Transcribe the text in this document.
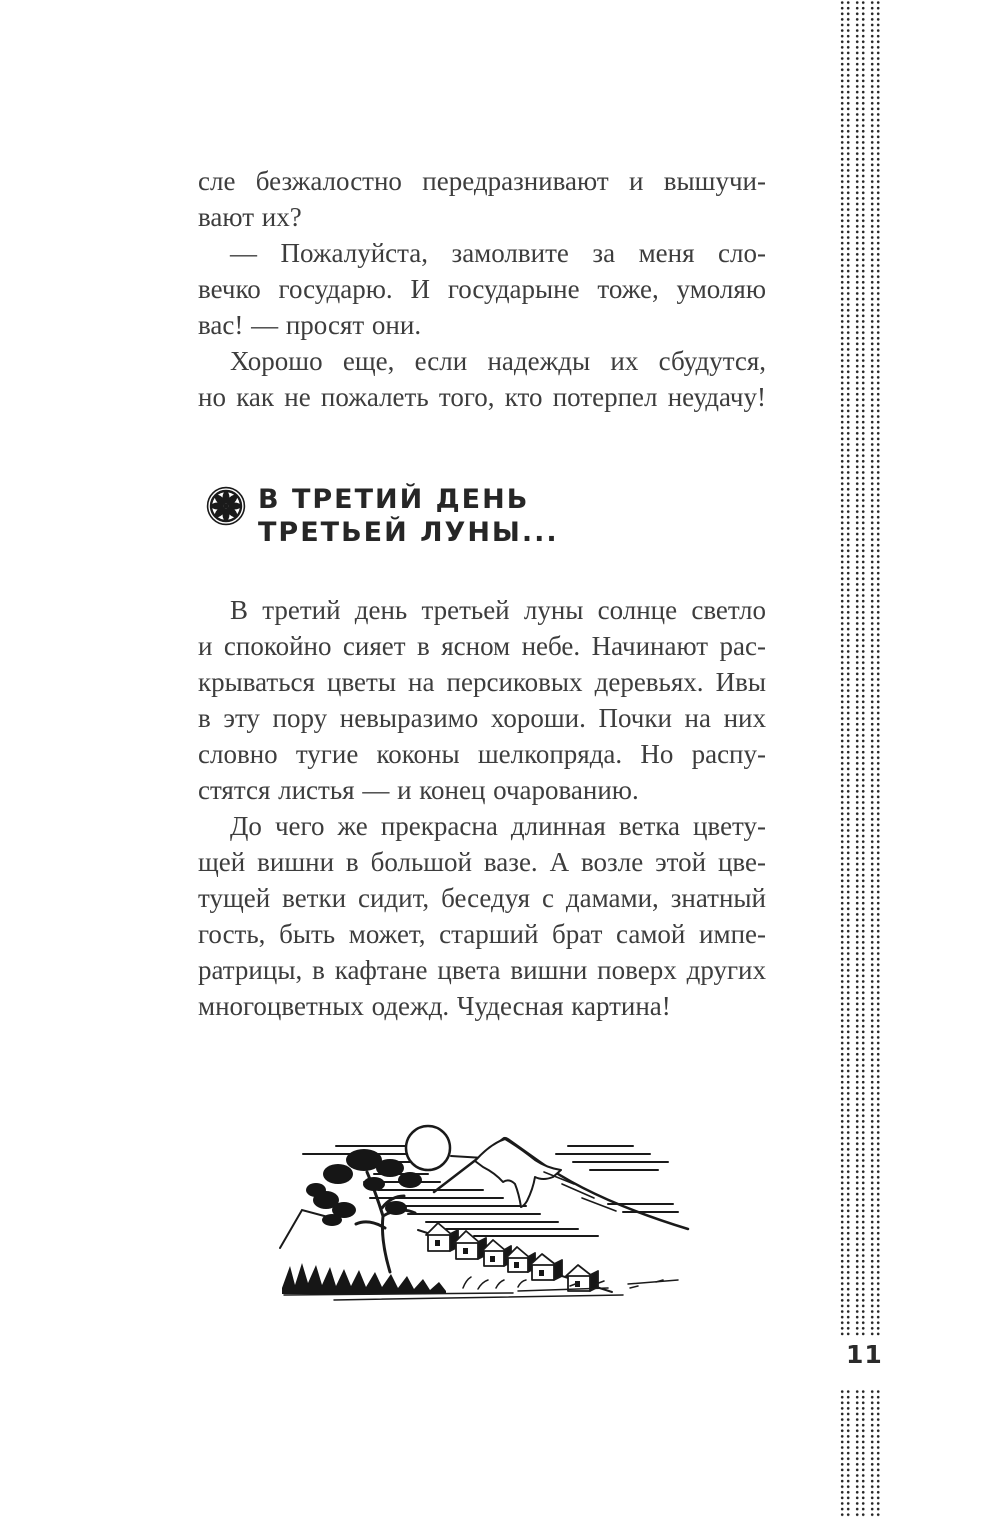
сле безжалостно передразнивают и вышучи-
вают их?
— Пожалуйста, замолвите за меня сло-
вечко государю. И государыне тоже, умоляю
вас! — просят они.
Хорошо еще, если надежды их сбудутся,
но как не пожалеть того, кто потерпел неудачу!
В ТРЕТИЙ ДЕНЬ
ТРЕТЬЕЙ ЛУНЫ...
В третий день третьей луны солнце светло
и спокойно сияет в ясном небе. Начинают рас-
крываться цветы на персиковых деревьях. Ивы
в эту пору невыразимо хороши. Почки на них
словно тугие коконы шелкопряда. Но распу-
стятся листья — и конец очарованию.
До чего же прекрасна длинная ветка цвету-
щей вишни в большой вазе. А возле этой цве-
тущей ветки сидит, беседуя с дамами, знатный
гость, быть может, старший брат самой импе-
ратрицы, в кафтане цвета вишни поверх других
многоцветных одежд. Чудесная картина!
11
